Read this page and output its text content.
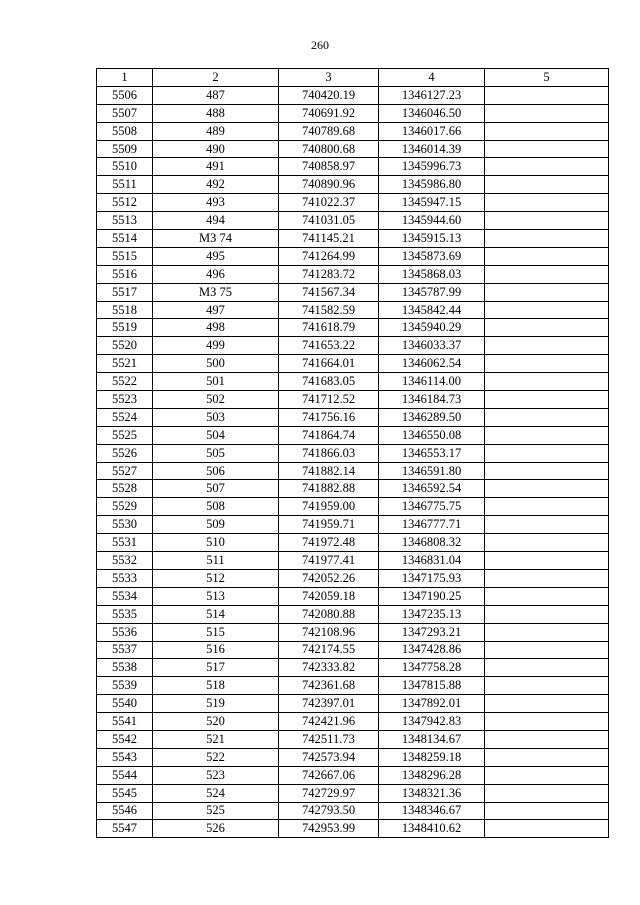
260
1	2	3	4	5
5506	487	740420.19	1346127.23	
5507	488	740691.92	1346046.50	
5508	489	740789.68	1346017.66	
5509	490	740800.68	1346014.39	
5510	491	740858.97	1345996.73	
5511	492	740890.96	1345986.80	
5512	493	741022.37	1345947.15	
5513	494	741031.05	1345944.60	
5514	МЗ 74	741145.21	1345915.13	
5515	495	741264.99	1345873.69	
5516	496	741283.72	1345868.03	
5517	МЗ 75	741567.34	1345787.99	
5518	497	741582.59	1345842.44	
5519	498	741618.79	1345940.29	
5520	499	741653.22	1346033.37	
5521	500	741664.01	1346062.54	
5522	501	741683.05	1346114.00	
5523	502	741712.52	1346184.73	
5524	503	741756.16	1346289.50	
5525	504	741864.74	1346550.08	
5526	505	741866.03	1346553.17	
5527	506	741882.14	1346591.80	
5528	507	741882.88	1346592.54	
5529	508	741959.00	1346775.75	
5530	509	741959.71	1346777.71	
5531	510	741972.48	1346808.32	
5532	511	741977.41	1346831.04	
5533	512	742052.26	1347175.93	
5534	513	742059.18	1347190.25	
5535	514	742080.88	1347235.13	
5536	515	742108.96	1347293.21	
5537	516	742174.55	1347428.86	
5538	517	742333.82	1347758.28	
5539	518	742361.68	1347815.88	
5540	519	742397.01	1347892.01	
5541	520	742421.96	1347942.83	
5542	521	742511.73	1348134.67	
5543	522	742573.94	1348259.18	
5544	523	742667.06	1348296.28	
5545	524	742729.97	1348321.36	
5546	525	742793.50	1348346.67	
5547	526	742953.99	1348410.62	
